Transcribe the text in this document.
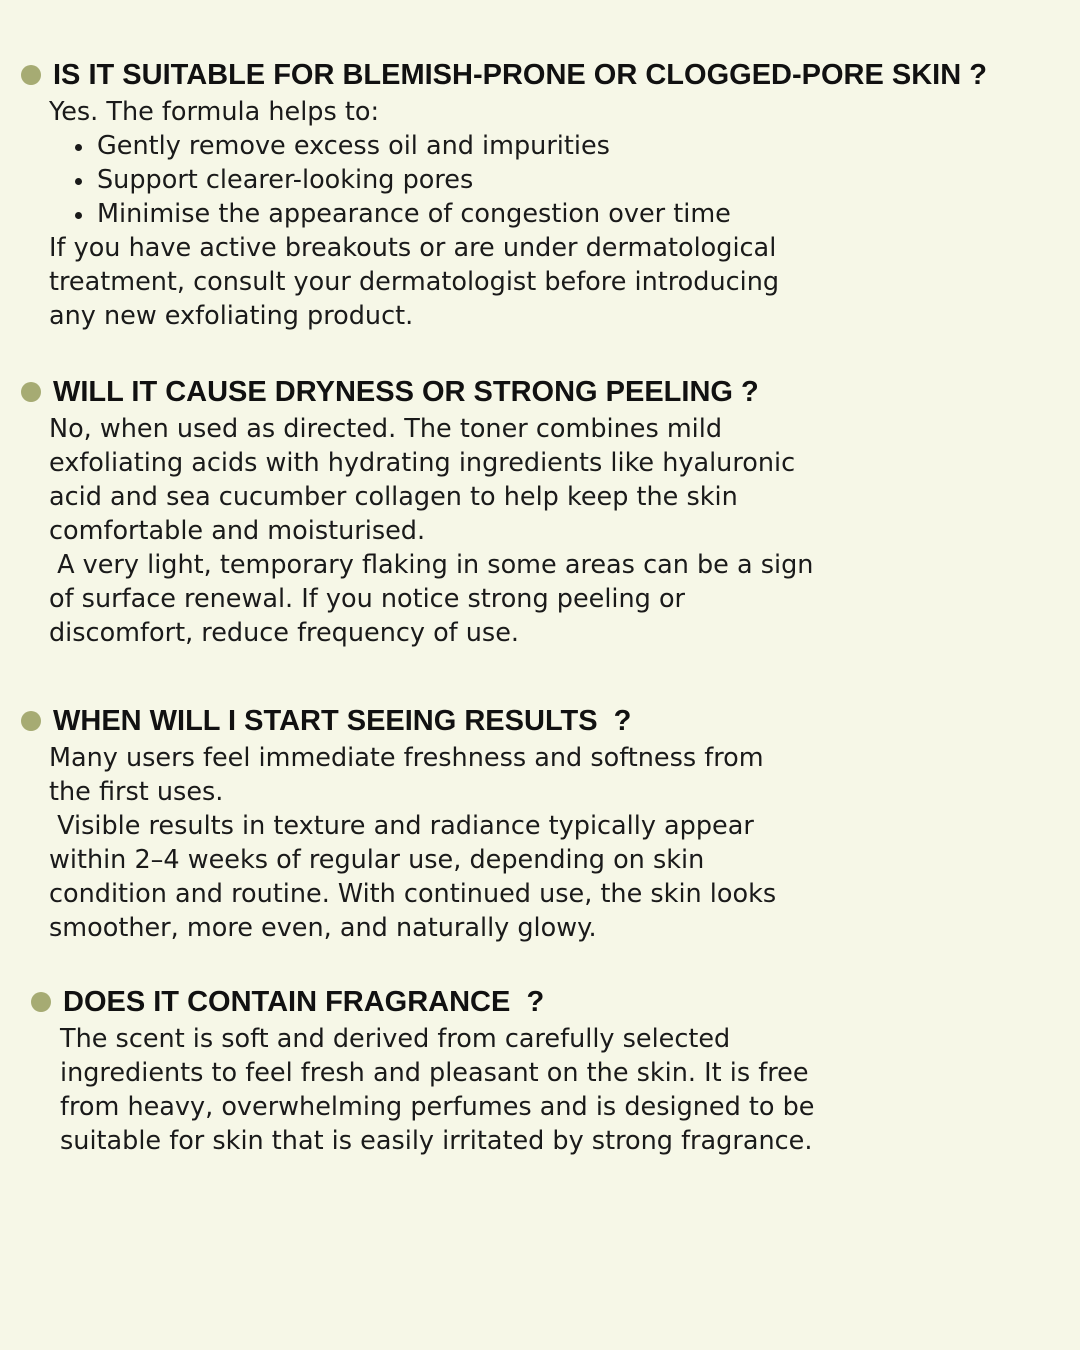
IS IT SUITABLE FOR BLEMISH-PRONE OR CLOGGED-PORE SKIN ?

Yes. The formula helps to:

Gently remove excess oil and impurities
Support clearer-looking pores
Minimise the appearance of congestion over time

If you have active breakouts or are under dermatological

treatment, consult your dermatologist before introducing

any new exfoliating product.

WILL IT CAUSE DRYNESS OR STRONG PEELING ?

No, when used as directed. The toner combines mild

exfoliating acids with hydrating ingredients like hyaluronic

acid and sea cucumber collagen to help keep the skin

comfortable and moisturised.

A very light, temporary flaking in some areas can be a sign

of surface renewal. If you notice strong peeling or

discomfort, reduce frequency of use.

WHEN WILL I START SEEING RESULTS  ?

Many users feel immediate freshness and softness from

the first uses.

Visible results in texture and radiance typically appear

within 2–4 weeks of regular use, depending on skin

condition and routine. With continued use, the skin looks

smoother, more even, and naturally glowy.

DOES IT CONTAIN FRAGRANCE  ?

The scent is soft and derived from carefully selected

ingredients to feel fresh and pleasant on the skin. It is free

from heavy, overwhelming perfumes and is designed to be

suitable for skin that is easily irritated by strong fragrance.
